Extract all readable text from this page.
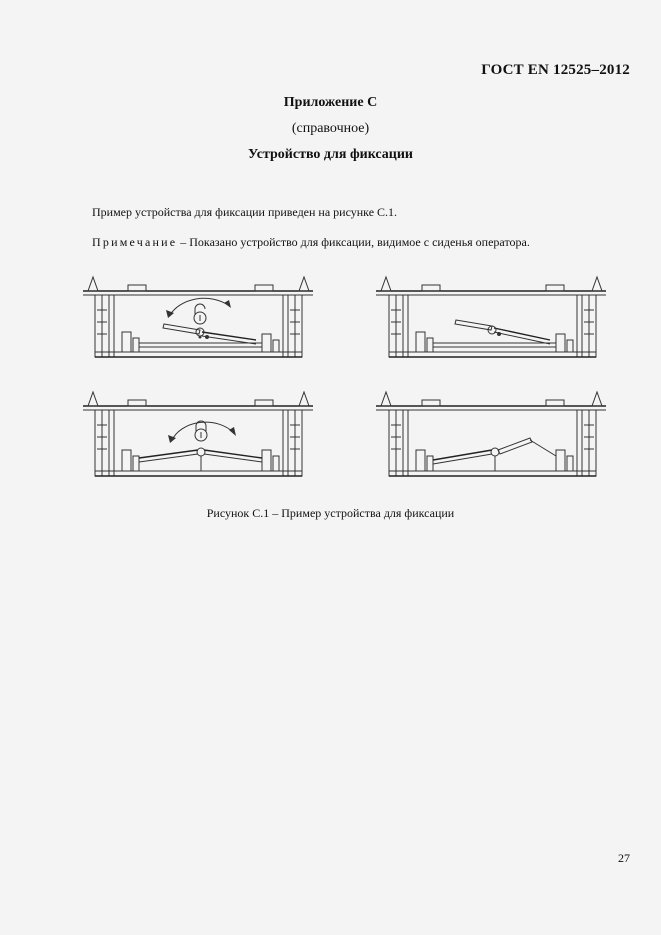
ГОСТ EN 12525–2012
Приложение С
(справочное)
Устройство для фиксации
Пример устройства для фиксации приведен на рисунке С.1.
Примечание – Показано устройство для фиксации, видимое с сиденья оператора.
Рисунок С.1 – Пример устройства для фиксации
27
